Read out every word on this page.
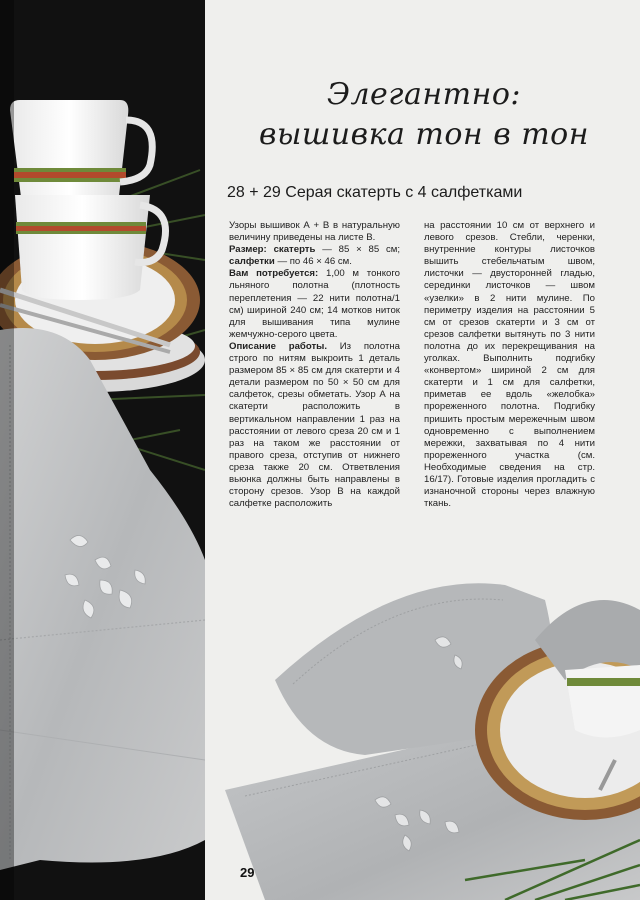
Элегантно:
вышивка тон в тон
28 + 29 Серая скатерть с 4 салфетками

Узоры вышивок А + В в натуральную величину приведены на листе В.

Размер: скатерть — 85 × 85 см; салфетки — по 46 × 46 см.

Вам потребуется: 1,00 м тонкого льняного полотна (плотность переплетения — 22 нити полотна/1 см) шириной 240 см; 14 мотков ниток для вышивания типа мулине жемчужно-серого цвета.

Описание работы. Из полотна строго по нитям выкроить 1 деталь размером 85 × 85 см для скатерти и 4 детали размером по 50 × 50 см для салфеток, срезы обметать. Узор А на скатерти расположить в вертикальном направлении 1 раз на расстоянии от левого среза 20 см и 1 раз на таком же расстоянии от правого среза, отступив от нижнего среза также 20 см. Ответвления вьюнка должны быть направлены в сторону срезов. Узор В на каждой салфетке расположить

на расстоянии 10 см от верхнего и левого срезов. Стебли, черенки, внутренние контуры листочков вышить стебельчатым швом, листочки — двусторонней гладью, серединки листочков — швом «узелки» в 2 нити мулине. По периметру изделия на расстоянии 5 см от срезов скатерти и 3 см от срезов салфетки вытянуть по 3 нити полотна до их перекрещивания на уголках. Выполнить подгибку «конвертом» шириной 2 см для скатерти и 1 см для салфетки, приметав ее вдоль «желобка» прореженного полотна. Подгибку пришить простым мережечным швом одновременно с выполнением мережки, захватывая по 4 нити прореженного участка (см. Необходимые сведения на стр. 16/17). Готовые изделия прогладить с изнаночной стороны через влажную ткань.

29
